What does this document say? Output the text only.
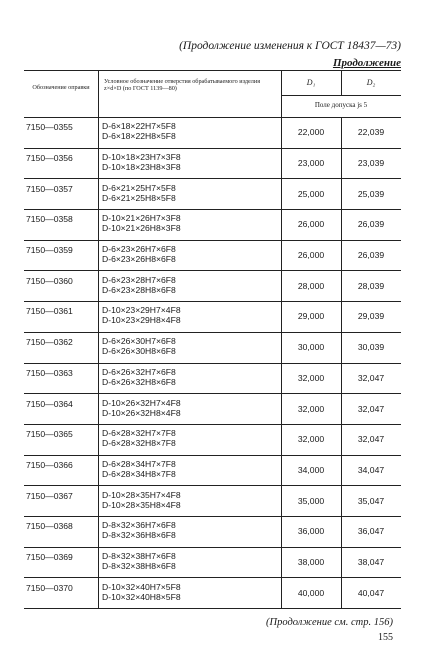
(Продолжение изменения к ГОСТ 18437—73)
Продолжение
Обозначение оправки
Условное обозначение отверстия обрабатываемого изделия z×d×D (по ГОСТ 1139—80)
D₁	D₂
Поле допуска js 5
7150—0355	D-6×18×22H7×5F8
D-6×18×22H8×5F8	22,000	22,039
7150—0356	D-10×18×23H7×3F8
D-10×18×23H8×3F8	23,000	23,039
7150—0357	D-6×21×25H7×5F8
D-6×21×25H8×5F8	25,000	25,039
7150—0358	D-10×21×26H7×3F8
D-10×21×26H8×3F8	26,000	26,039
7150—0359	D-6×23×26H7×6F8
D-6×23×26H8×6F8	26,000	26,039
7150—0360	D-6×23×28H7×6F8
D-6×23×28H8×6F8	28,000	28,039
7150—0361	D-10×23×29H7×4F8
D-10×23×29H8×4F8	29,000	29,039
7150—0362	D-6×26×30H7×6F8
D-6×26×30H8×6F8	30,000	30,039
7150—0363	D-6×26×32H7×6F8
D-6×26×32H8×6F8	32,000	32,047
7150—0364	D-10×26×32H7×4F8
D-10×26×32H8×4F8	32,000	32,047
7150—0365	D-6×28×32H7×7F8
D-6×28×32H8×7F8	32,000	32,047
7150—0366	D-6×28×34H7×7F8
D-6×28×34H8×7F8	34,000	34,047
7150—0367	D-10×28×35H7×4F8
D-10×28×35H8×4F8	35,000	35,047
7150—0368	D-8×32×36H7×6F8
D-8×32×36H8×6F8	36,000	36,047
7150—0369	D-8×32×38H7×6F8
D-8×32×38H8×6F8	38,000	38,047
7150—0370	D-10×32×40H7×5F8
D-10×32×40H8×5F8	40,000	40,047
(Продолжение см. стр. 156)
155
